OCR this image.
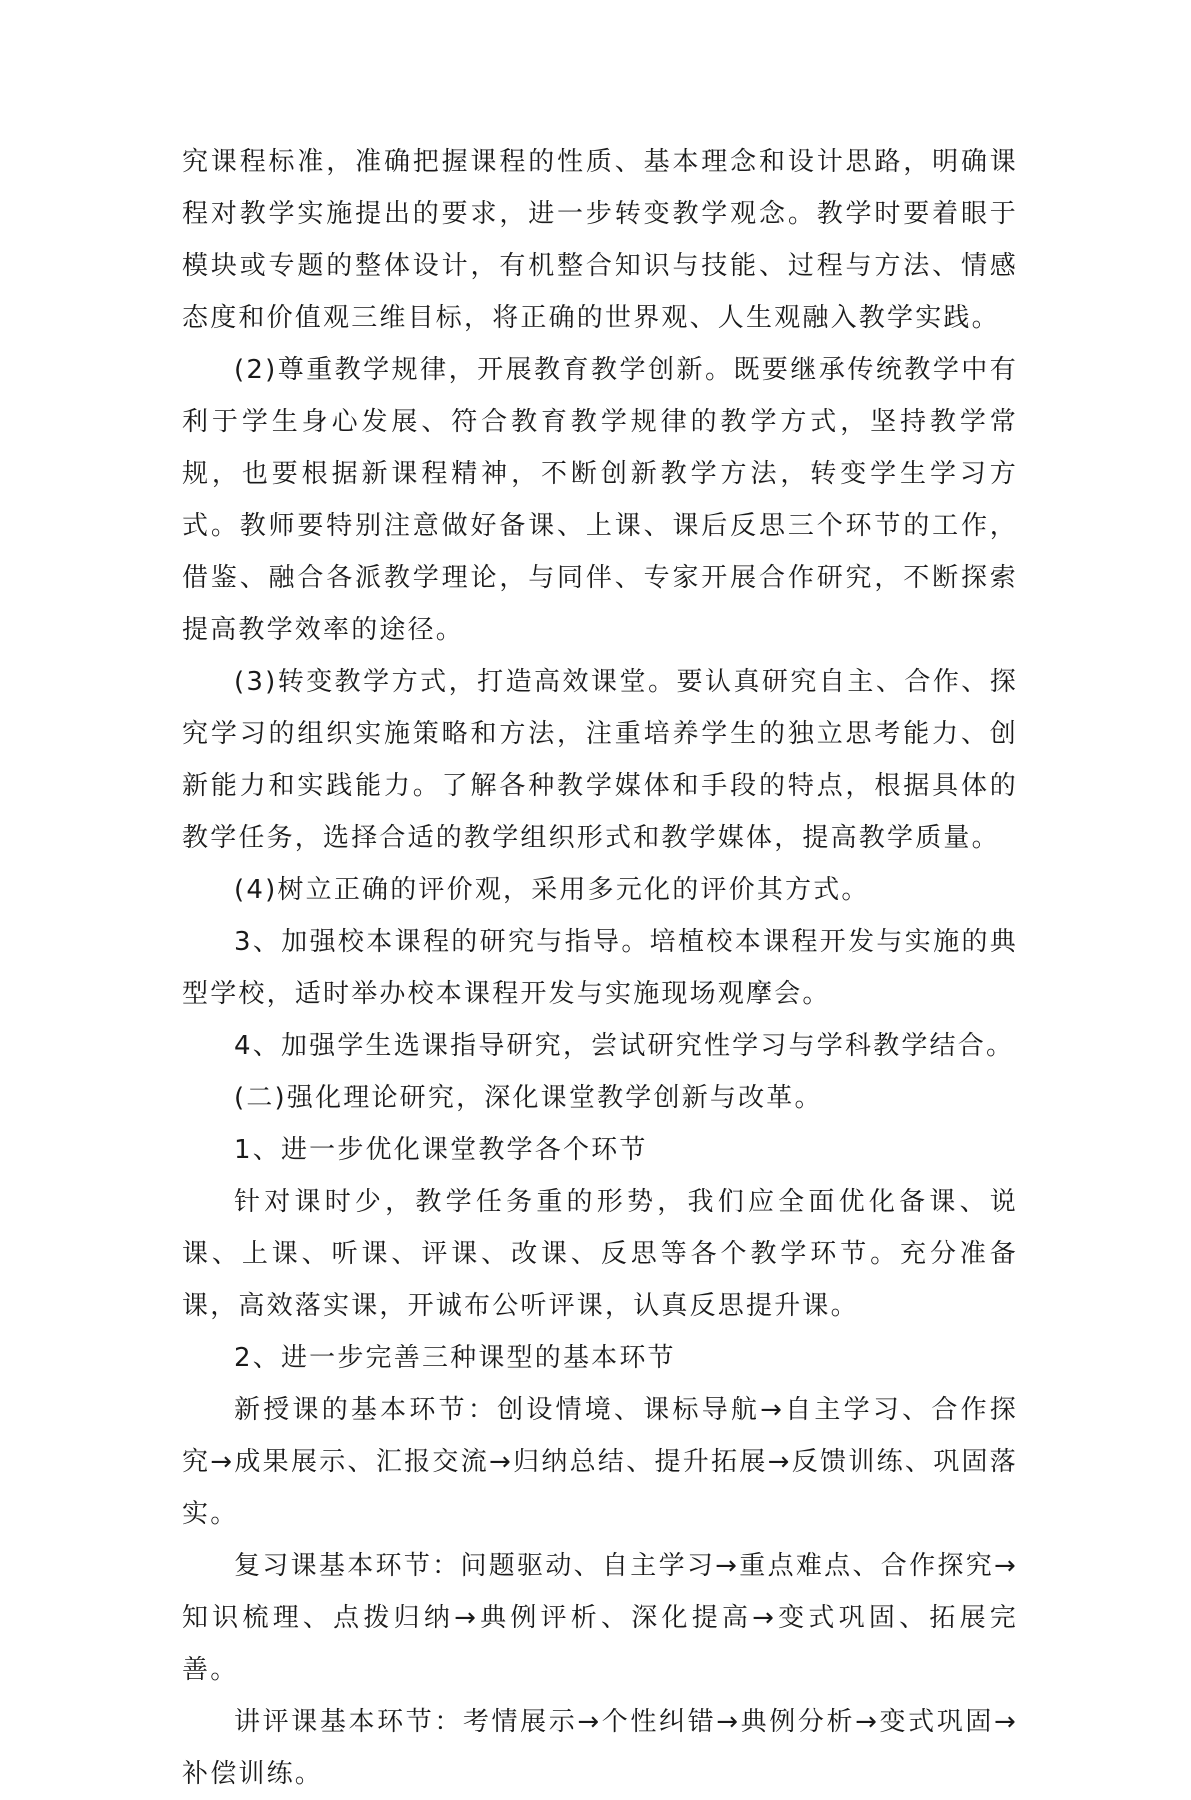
究课程标准，准确把握课程的性质、基本理念和设计思路，明确课程对教学实施提出的要求，进一步转变教学观念。教学时要着眼于模块或专题的整体设计，有机整合知识与技能、过程与方法、情感态度和价值观三维目标，将正确的世界观、人生观融入教学实践。

(2)尊重教学规律，开展教育教学创新。既要继承传统教学中有利于学生身心发展、符合教育教学规律的教学方式，坚持教学常规，也要根据新课程精神，不断创新教学方法，转变学生学习方式。教师要特别注意做好备课、上课、课后反思三个环节的工作，借鉴、融合各派教学理论，与同伴、专家开展合作研究，不断探索提高教学效率的途径。

(3)转变教学方式，打造高效课堂。要认真研究自主、合作、探究学习的组织实施策略和方法，注重培养学生的独立思考能力、创新能力和实践能力。了解各种教学媒体和手段的特点，根据具体的教学任务，选择合适的教学组织形式和教学媒体，提高教学质量。

(4)树立正确的评价观，采用多元化的评价其方式。

3、加强校本课程的研究与指导。培植校本课程开发与实施的典型学校，适时举办校本课程开发与实施现场观摩会。

4、加强学生选课指导研究，尝试研究性学习与学科教学结合。

(二)强化理论研究，深化课堂教学创新与改革。

1、进一步优化课堂教学各个环节

针对课时少，教学任务重的形势，我们应全面优化备课、说课、上课、听课、评课、改课、反思等各个教学环节。充分准备课，高效落实课，开诚布公听评课，认真反思提升课。

2、进一步完善三种课型的基本环节

新授课的基本环节：创设情境、课标导航→自主学习、合作探究→成果展示、汇报交流→归纳总结、提升拓展→反馈训练、巩固落实。

复习课基本环节：问题驱动、自主学习→重点难点、合作探究→知识梳理、点拨归纳→典例评析、深化提高→变式巩固、拓展完善。

讲评课基本环节：考情展示→个性纠错→典例分析→变式巩固→补偿训练。
